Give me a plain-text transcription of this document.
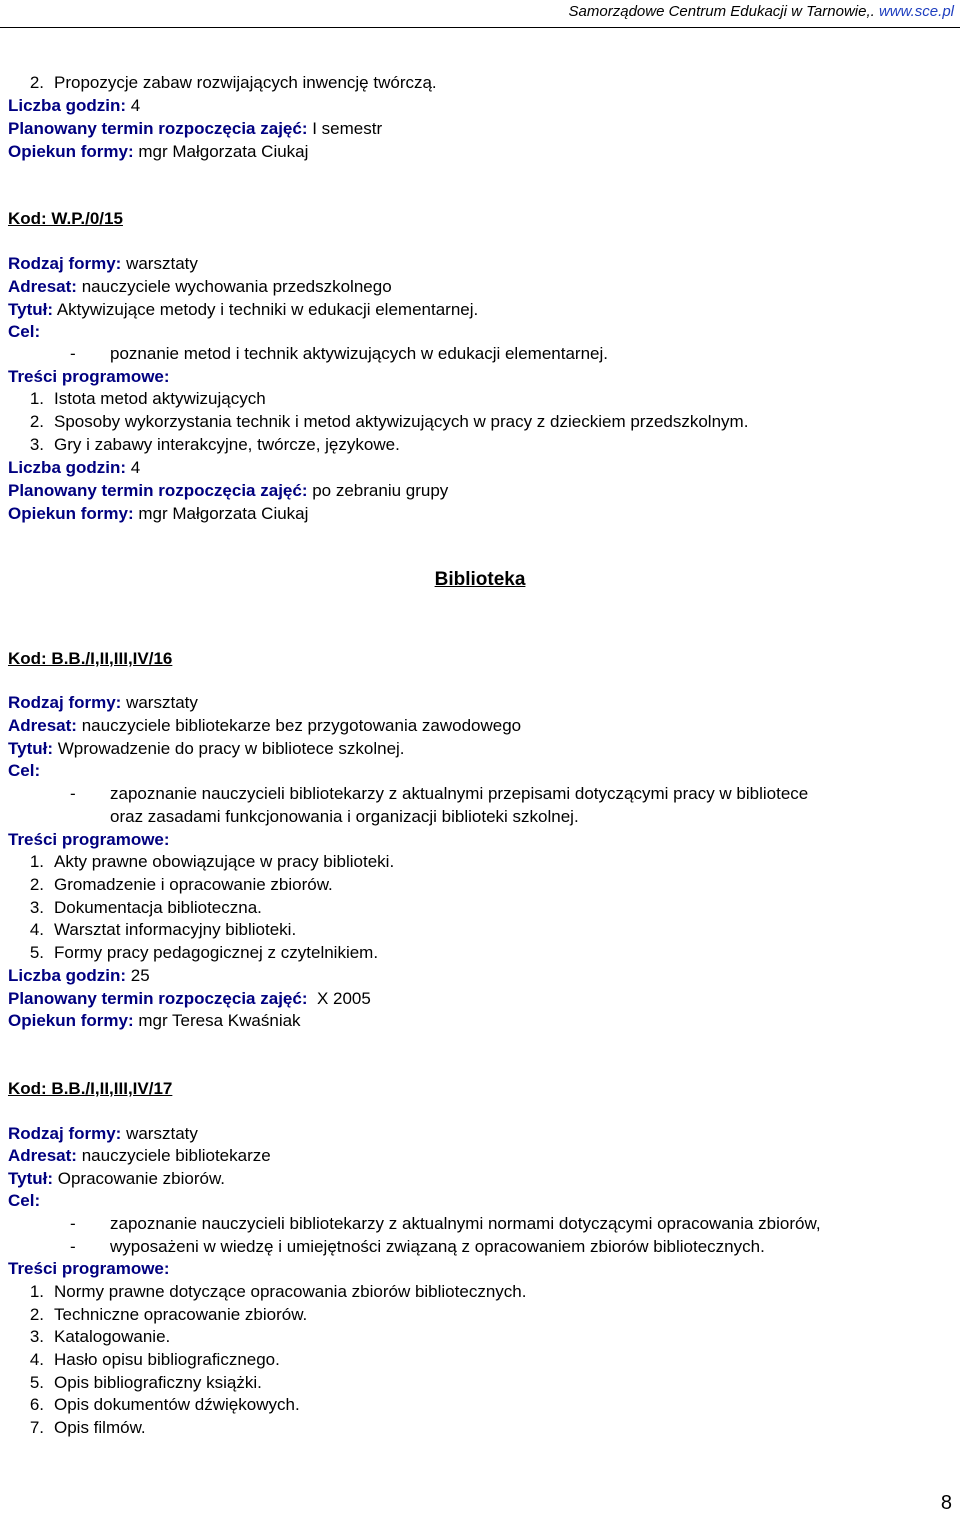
Samorządowe Centrum Edukacji w Tarnowie,. www.sce.pl
2. Propozycje zabaw rozwijających inwencję twórczą.
Liczba godzin: 4
Planowany termin rozpoczęcia zajęć: I semestr
Opiekun formy: mgr Małgorzata Ciukaj
Kod: W.P./0/15
Rodzaj formy: warsztaty
Adresat: nauczyciele wychowania przedszkolnego
Tytuł: Aktywizujące metody i techniki w edukacji elementarnej.
Cel:
- poznanie metod i technik aktywizujących w edukacji elementarnej.
Treści programowe:
1. Istota metod aktywizujących
2. Sposoby wykorzystania technik i metod aktywizujących w pracy z dzieckiem przedszkolnym.
3. Gry i zabawy interakcyjne, twórcze, językowe.
Liczba godzin: 4
Planowany termin rozpoczęcia zajęć: po zebraniu grupy
Opiekun formy: mgr Małgorzata Ciukaj
Biblioteka
Kod: B.B./I,II,III,IV/16
Rodzaj formy: warsztaty
Adresat: nauczyciele bibliotekarze bez przygotowania zawodowego
Tytuł: Wprowadzenie do pracy w bibliotece szkolnej.
Cel:
- zapoznanie nauczycieli bibliotekarzy z aktualnymi przepisami dotyczącymi pracy w bibliotece
oraz zasadami funkcjonowania i organizacji biblioteki szkolnej.
Treści programowe:
1. Akty prawne obowiązujące w pracy biblioteki.
2. Gromadzenie i opracowanie zbiorów.
3. Dokumentacja biblioteczna.
4. Warsztat informacyjny biblioteki.
5. Formy pracy pedagogicznej z czytelnikiem.
Liczba godzin: 25
Planowany termin rozpoczęcia zajęć: X 2005
Opiekun formy: mgr Teresa Kwaśniak
Kod: B.B./I,II,III,IV/17
Rodzaj formy: warsztaty
Adresat: nauczyciele bibliotekarze
Tytuł: Opracowanie zbiorów.
Cel:
- zapoznanie nauczycieli bibliotekarzy z aktualnymi normami dotyczącymi opracowania zbiorów,
- wyposażeni w wiedzę i umiejętności związaną z opracowaniem zbiorów bibliotecznych.
Treści programowe:
1. Normy prawne dotyczące opracowania zbiorów bibliotecznych.
2. Techniczne opracowanie zbiorów.
3. Katalogowanie.
4. Hasło opisu bibliograficznego.
5. Opis bibliograficzny książki.
6. Opis dokumentów dźwiękowych.
7. Opis filmów.
8
